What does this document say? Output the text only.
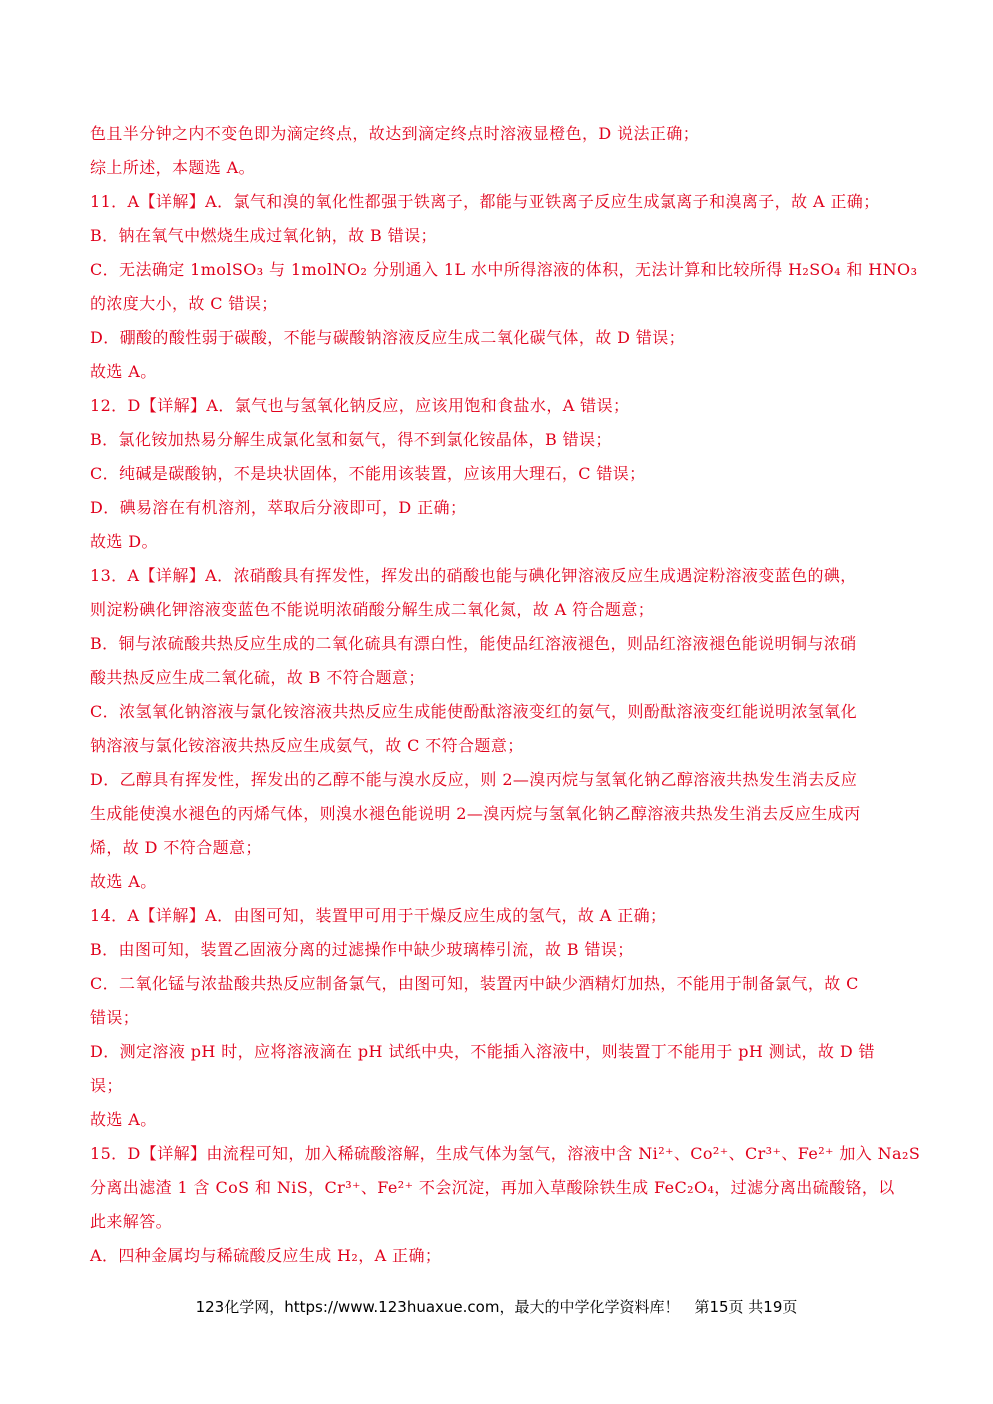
色且半分钟之内不变色即为滴定终点，故达到滴定终点时溶液显橙色，D 说法正确；
综上所述，本题选 A。
11．A【详解】A．氯气和溴的氧化性都强于铁离子，都能与亚铁离子反应生成氯离子和溴离子，故 A 正确；
B．钠在氧气中燃烧生成过氧化钠，故 B 错误；
C．无法确定 1molSO₃ 与 1molNO₂ 分别通入 1L 水中所得溶液的体积，无法计算和比较所得 H₂SO₄ 和 HNO₃
的浓度大小，故 C 错误；
D．硼酸的酸性弱于碳酸，不能与碳酸钠溶液反应生成二氧化碳气体，故 D 错误；
故选 A。
12．D【详解】A．氯气也与氢氧化钠反应，应该用饱和食盐水，A 错误；
B．氯化铵加热易分解生成氯化氢和氨气，得不到氯化铵晶体，B 错误；
C．纯碱是碳酸钠，不是块状固体，不能用该装置，应该用大理石，C 错误；
D．碘易溶在有机溶剂，萃取后分液即可，D 正确；
故选 D。
13．A【详解】A．浓硝酸具有挥发性，挥发出的硝酸也能与碘化钾溶液反应生成遇淀粉溶液变蓝色的碘，
则淀粉碘化钾溶液变蓝色不能说明浓硝酸分解生成二氧化氮，故 A 符合题意；
B．铜与浓硫酸共热反应生成的二氧化硫具有漂白性，能使品红溶液褪色，则品红溶液褪色能说明铜与浓硝
酸共热反应生成二氧化硫，故 B 不符合题意；
C．浓氢氧化钠溶液与氯化铵溶液共热反应生成能使酚酞溶液变红的氨气，则酚酞溶液变红能说明浓氢氧化
钠溶液与氯化铵溶液共热反应生成氨气，故 C 不符合题意；
D．乙醇具有挥发性，挥发出的乙醇不能与溴水反应，则 2—溴丙烷与氢氧化钠乙醇溶液共热发生消去反应
生成能使溴水褪色的丙烯气体，则溴水褪色能说明 2—溴丙烷与氢氧化钠乙醇溶液共热发生消去反应生成丙
烯，故 D 不符合题意；
故选 A。
14．A【详解】A．由图可知，装置甲可用于干燥反应生成的氢气，故 A 正确；
B．由图可知，装置乙固液分离的过滤操作中缺少玻璃棒引流，故 B 错误；
C．二氧化锰与浓盐酸共热反应制备氯气，由图可知，装置丙中缺少酒精灯加热，不能用于制备氯气，故 C
错误；
D．测定溶液 pH 时，应将溶液滴在 pH 试纸中央，不能插入溶液中，则装置丁不能用于 pH 测试，故 D 错
误；
故选 A。
15．D【详解】由流程可知，加入稀硫酸溶解，生成气体为氢气，溶液中含 Ni²⁺、Co²⁺、Cr³⁺、Fe²⁺ 加入 Na₂S
分离出滤渣 1 含 CoS 和 NiS，Cr³⁺、Fe²⁺ 不会沉淀，再加入草酸除铁生成 FeC₂O₄，过滤分离出硫酸铬，以
此来解答。
A．四种金属均与稀硫酸反应生成 H₂，A 正确；
123化学网，https://www.123huaxue.com，最大的中学化学资料库！　第15页 共19页
